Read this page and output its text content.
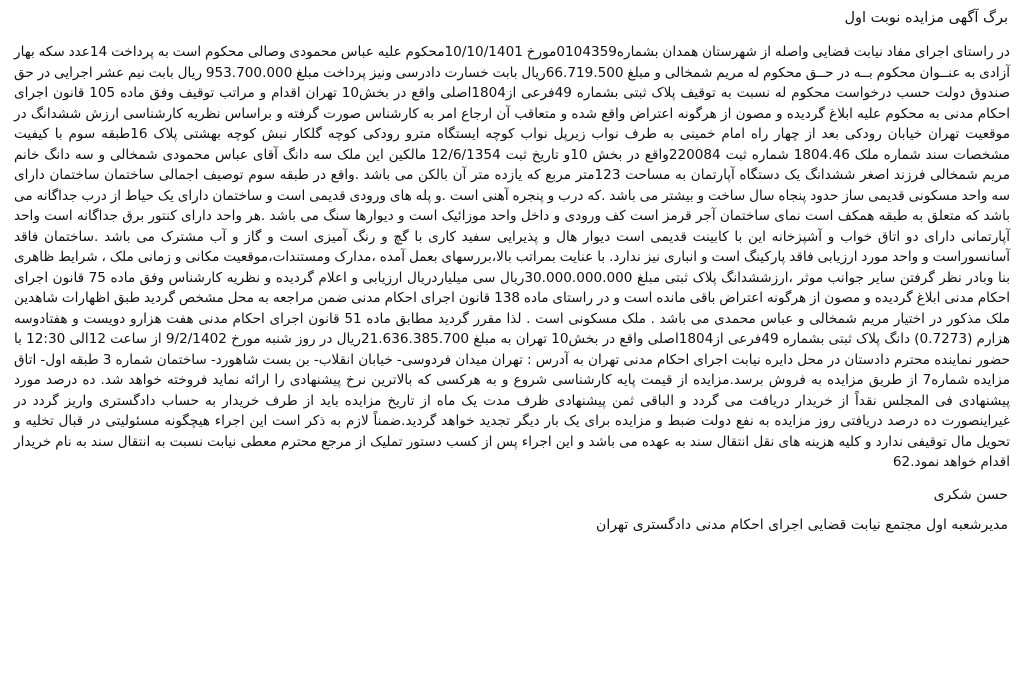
برگ آگهی مزایده نوبت اول
در راستای اجرای مفاد نیابت قضایی واصله از شهرستان همدان بشماره0104359مورخ 10/10/1401محکوم علیه عباس محمودی وصالی محکوم است به پرداخت 14عدد سکه بهار آزادی به عنــوان محکوم بــه در حــق محکوم له مریم شمخالی و مبلغ 66.719.500ریال بابت خسارت دادرسی ونیز پرداخت مبلغ 953.700.000 ریال بابت نیم عشر اجرایی در حق صندوق دولت حسب درخواست محکوم له نسبت به توقیف پلاک ثبتی بشماره 49فرعی از1804اصلی واقع در بخش10 تهران اقدام و مراتب توقیف وفق ماده 105 قانون اجرای احکام مدنی به محکوم علیه ابلاغ گردیده و مصون از هرگونه اعتراض واقع شده و متعاقب آن ارجاع امر به کارشناس صورت گرفته و براساس نظریه کارشناسی ارزش ششدانگ در موقعیت تهران خیابان رودکی بعد از چهار راه امام خمینی به طرف نواب زیرپل نواب کوچه ایستگاه مترو رودکی کوچه گلکار نبش کوچه بهشتی پلاک 16طبقه سوم با کیفیت مشخصات سند شماره ملک 1804.46 شماره ثبت 220084واقع در بخش 10و تاریخ ثبت 12/6/1354 مالکین این ملک سه دانگ آقای عباس محمودی شمخالی و سه دانگ خانم مریم شمخالی فرزند اصغر ششدانگ یک دستگاه آپارتمان به مساحت 123متر مربع که یازده متر آن بالکن می باشد .واقع در طبقه سوم توصیف اجمالی ساختمان ساختمان دارای سه واحد مسکونی قدیمی ساز حدود پنجاه سال ساخت و بیشتر می باشد .که درب و پنجره آهنی است .و پله های ورودی قدیمی است و ساختمان دارای یک حیاط از درب جداگانه می باشد که متعلق به طبقه همکف است نمای ساختمان آجر قرمز است کف ورودی و داخل واحد موزائیک است و دیوارها سنگ می باشد .هر واحد دارای کنتور برق جداگانه است واحد آپارتمانی دارای دو اتاق خواب و آشپزخانه این با کابینت قدیمی است دیوار هال و پذیرایی سفید کاری با گچ و رنگ آمیزی است و گاز و آب مشترک می باشد .ساختمان فاقد آسانسوراست و واحد مورد ارزیابی فاقد پارکینگ است و انباری نیز ندارد. با عنایت بمراتب بالا،بررسهای بعمل آمده ،مدارک ومستندات،موقعیت مکانی و زمانی ملک ، شرایط ظاهری بنا وبادر نظر گرفتن سایر جوانب موثر ،ارزششدانگ پلاک ثبتی مبلغ 30.000.000.000ریال سی میلیاردریال ارزیابی و اعلام گردیده و نظریه کارشناس وفق ماده 75 قانون اجرای احکام مدنی ابلاغ گردیده و مصون از هرگونه اعتراض باقی مانده است و در راستای ماده 138 قانون اجرای احکام مدنی ضمن مراجعه به محل مشخص گردید طبق اظهارات شاهدین ملک مذکور در اختیار مریم شمخالی و عباس محمدی می باشد . ملک مسکونی است . لذا مقرر گردید مطابق ماده 51 قانون اجرای احکام مدنی هفت هزارو دویست و هفتادوسه هزارم (0.7273) دانگ پلاک ثبتی بشماره 49فرعی از1804اصلی واقع در بخش10 تهران به مبلغ 21.636.385.700ریال در روز شنبه مورخ 9/2/1402 از ساعت 12الی 12:30 با حضور نماینده محترم دادستان در محل دایره نیابت اجرای احکام مدنی تهران به آدرس : تهران میدان فردوسی- خیابان انقلاب- بن بست شاهورد- ساختمان شماره 3 طبقه اول- اتاق مزایده شماره7 از طریق مزایده به فروش برسد.مزایده از قیمت پایه کارشناسی شروع و به هرکسی که بالاترین نرخ پیشنهادی را ارائه نماید فروخته خواهد شد. ده درصد مورد پیشنهادی فی المجلس نقداً از خریدار دریافت می گردد و الباقی ثمن پیشنهادی ظرف مدت یک ماه از تاریخ مزایده باید از طرف خریدار به حساب دادگستری واریز گردد در غیراینصورت ده درصد دریافتی روز مزایده به نفع دولت ضبط و مزایده برای یک بار دیگر تجدید خواهد گردید.ضمناً لازم به ذکر است این اجراء هیچگونه مسئولیتی در قبال تخلیه و تحویل مال توقیفی ندارد و کلیه هزینه های نقل انتقال سند به عهده می باشد و این اجراء پس از کسب دستور تملیک از مرجع محترم معطی نیابت نسبت به انتقال سند به نام خریدار اقدام خواهد نمود.62
حسن شکری
مدیرشعبه اول مجتمع نیابت قضایی اجرای احکام مدنی دادگستری تهران
